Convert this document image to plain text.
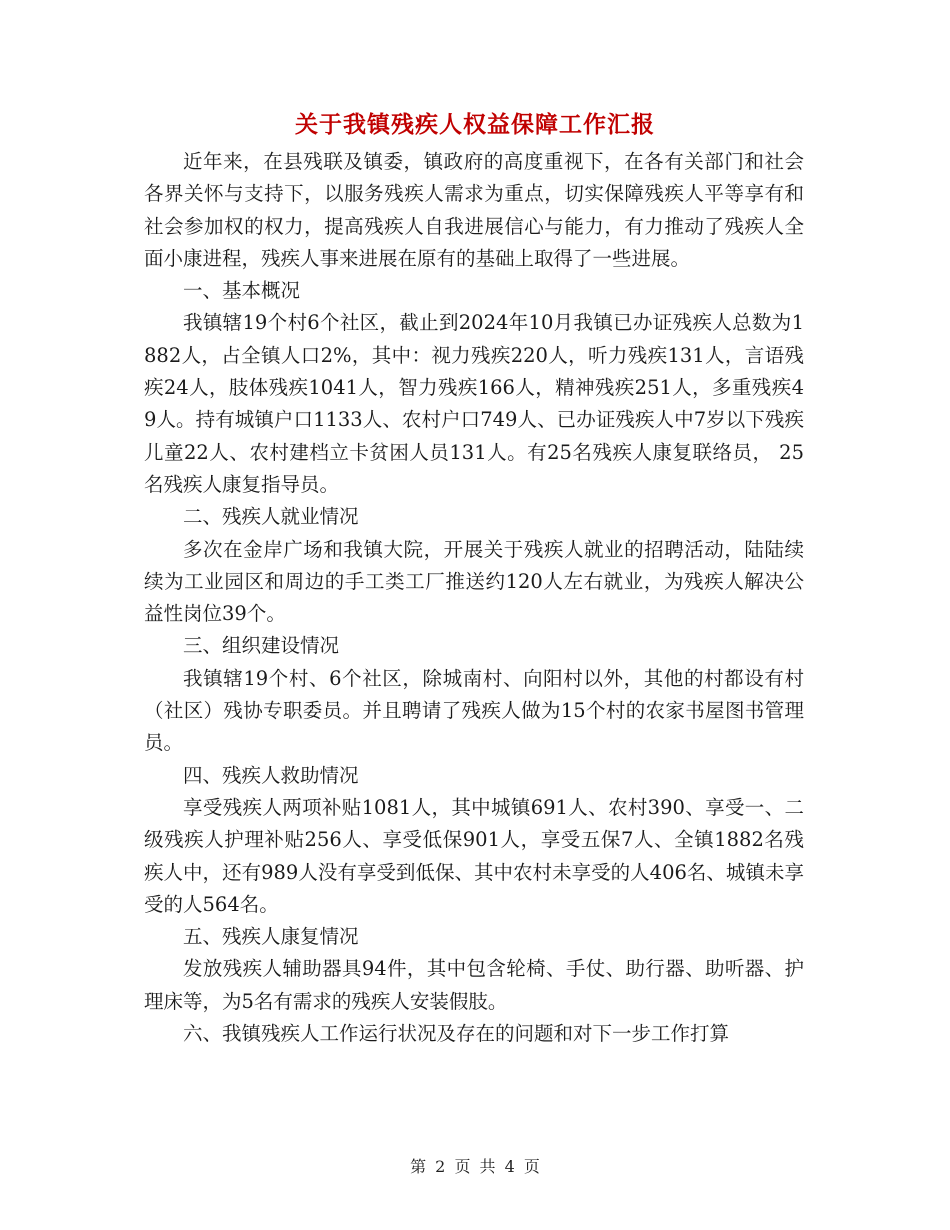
关于我镇残疾人权益保障工作汇报

近年来，在县残联及镇委，镇政府的高度重视下，在各有关部门和社会各界关怀与支持下，以服务残疾人需求为重点，切实保障残疾人平等享有和社会参加权的权力，提高残疾人自我进展信心与能力，有力推动了残疾人全面小康进程，残疾人事来进展在原有的基础上取得了一些进展。

一、基本概况

我镇辖19个村6个社区，截止到2024年10月我镇已办证残疾人总数为1882人，占全镇人口2%，其中：视力残疾220人，听力残疾131人，言语残疾24人，肢体残疾1041人，智力残疾166人，精神残疾251人，多重残疾49人。持有城镇户口1133人、农村户口749人、已办证残疾人中7岁以下残疾儿童22人、农村建档立卡贫困人员131人。有25名残疾人康复联络员， 25名残疾人康复指导员。

二、残疾人就业情况

多次在金岸广场和我镇大院，开展关于残疾人就业的招聘活动，陆陆续续为工业园区和周边的手工类工厂推送约120人左右就业，为残疾人解决公益性岗位39个。

三、组织建设情况

我镇辖19个村、6个社区，除城南村、向阳村以外，其他的村都设有村（社区）残协专职委员。并且聘请了残疾人做为15个村的农家书屋图书管理员。

四、残疾人救助情况

享受残疾人两项补贴1081人，其中城镇691人、农村390、享受一、二级残疾人护理补贴256人、享受低保901人，享受五保7人、全镇1882名残疾人中，还有989人没有享受到低保、其中农村未享受的人406名、城镇未享受的人564名。

五、残疾人康复情况

发放残疾人辅助器具94件，其中包含轮椅、手仗、助行器、助听器、护理床等，为5名有需求的残疾人安装假肢。

六、我镇残疾人工作运行状况及存在的问题和对下一步工作打算

第 2 页 共 4 页
